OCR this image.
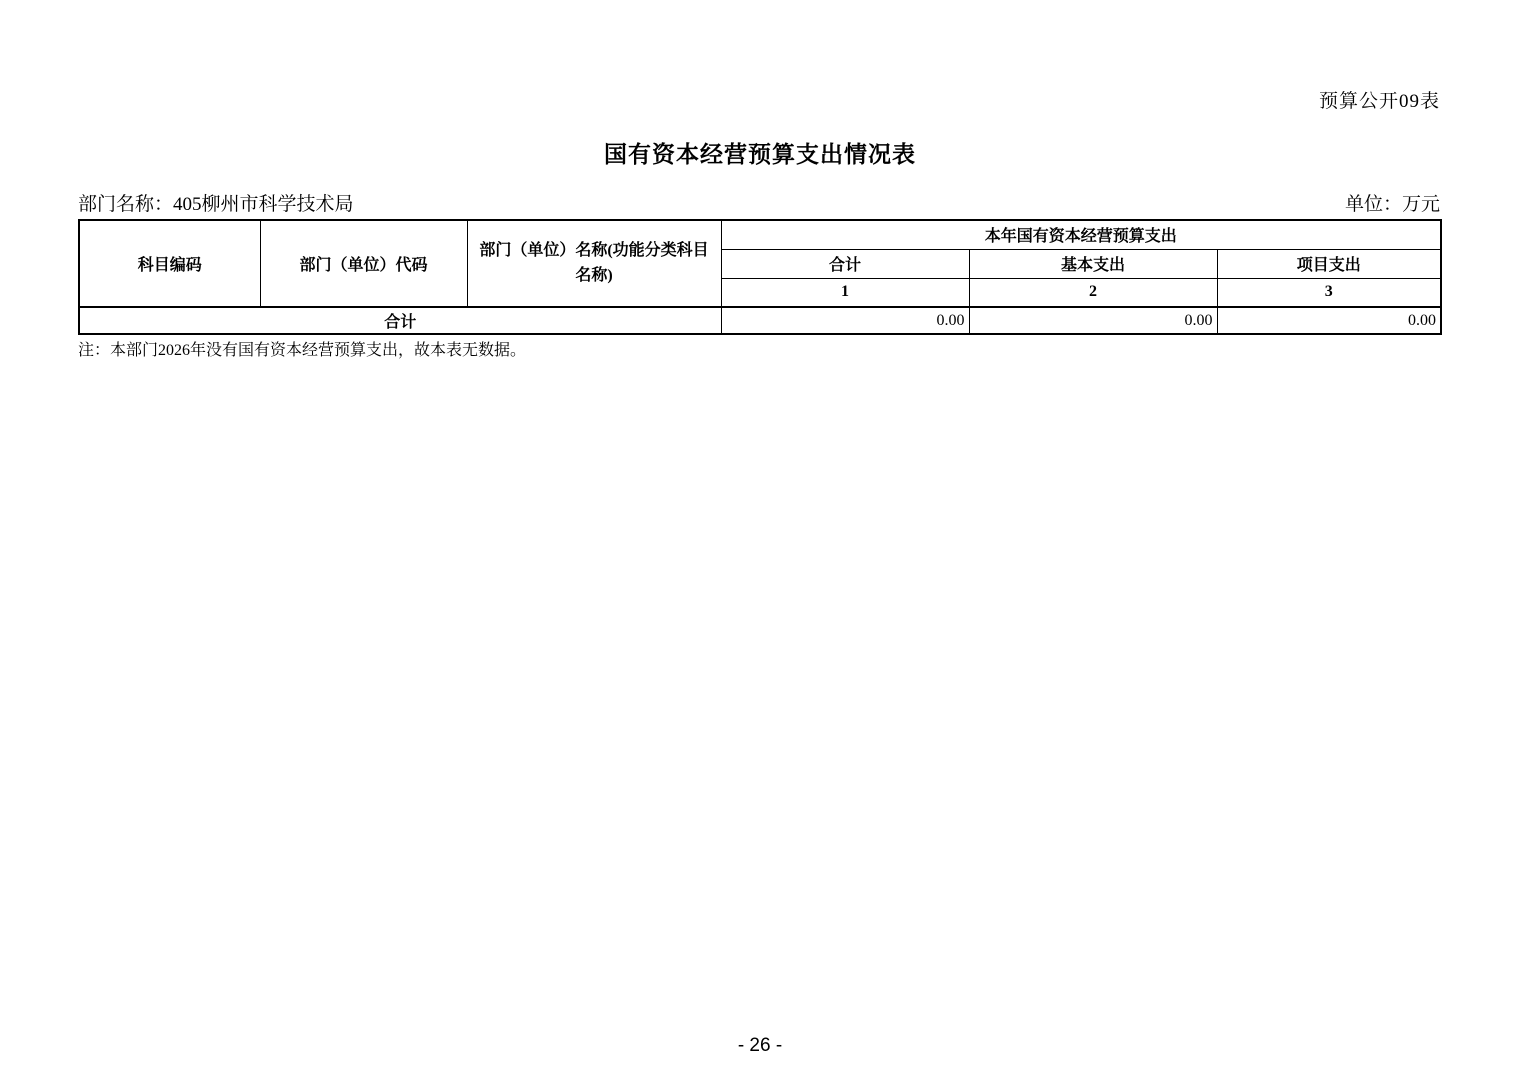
预算公开09表
国有资本经营预算支出情况表
部门名称：405柳州市科学技术局	单位：万元
科目编码	部门（单位）代码	部门（单位）名称(功能分类科目名称)	本年国有资本经营预算支出		
			合计	基本支出	项目支出
			1	2	3
合计			0.00	0.00	0.00
注：本部门2026年没有国有资本经营预算支出，故本表无数据。
- 26 -
